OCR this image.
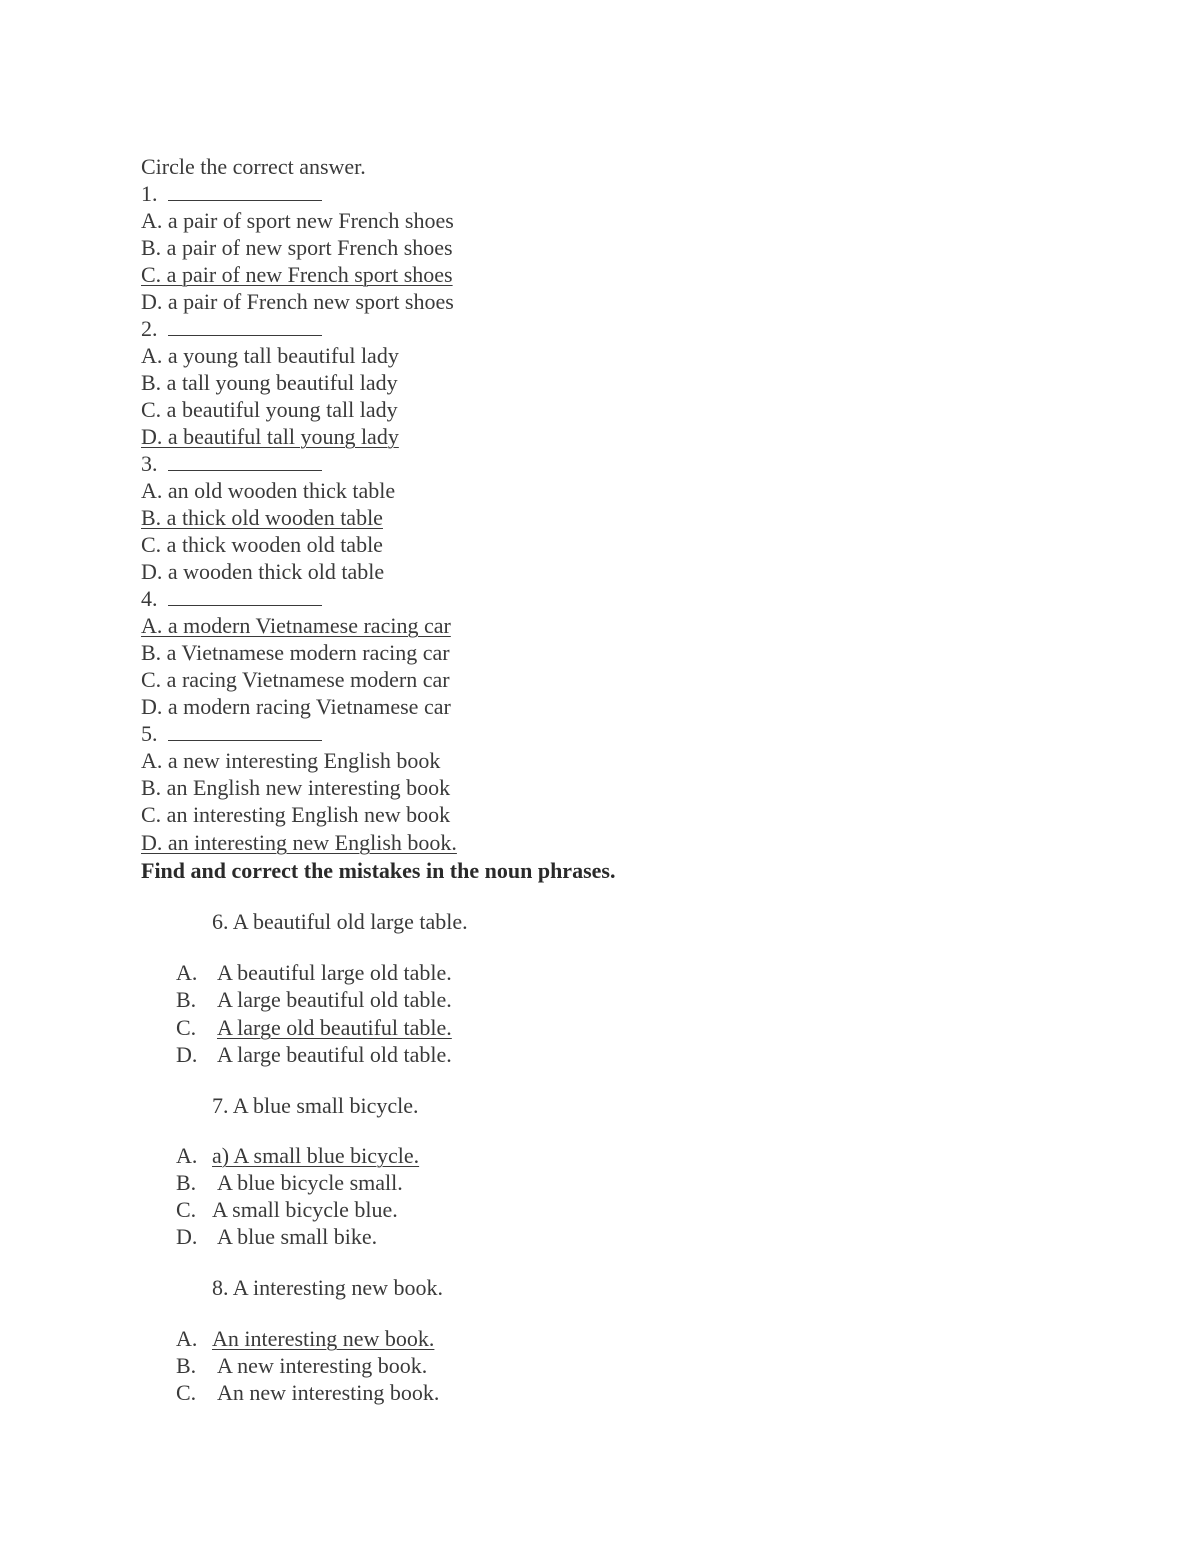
Circle the correct answer.
1.
A. a pair of sport new French shoes
B. a pair of new sport French shoes
C. a pair of new French sport shoes
D. a pair of French new sport shoes
2.
A. a young tall beautiful lady
B. a tall young beautiful lady
C. a beautiful young tall lady
D. a beautiful tall young lady
3.
A. an old wooden thick table
B. a thick old wooden table
C. a thick wooden old table
D. a wooden thick old table
4.
A. a modern Vietnamese racing car
B. a Vietnamese modern racing car
C. a racing Vietnamese modern car
D. a modern racing Vietnamese car
5.
A. a new interesting English book
B. an English new interesting book
C. an interesting English new book
D. an interesting new English book.
Find and correct the mistakes in the noun phrases.
6. A beautiful old large table.
A. A beautiful large old table.
B. A large beautiful old table.
C. A large old beautiful table.
D. A large beautiful old table.
7. A blue small bicycle.
A. a) A small blue bicycle.
B. A blue bicycle small.
C. A small bicycle blue.
D. A blue small bike.
8. A interesting new book.
A. An interesting new book.
B. A new interesting book.
C. An new interesting book.
